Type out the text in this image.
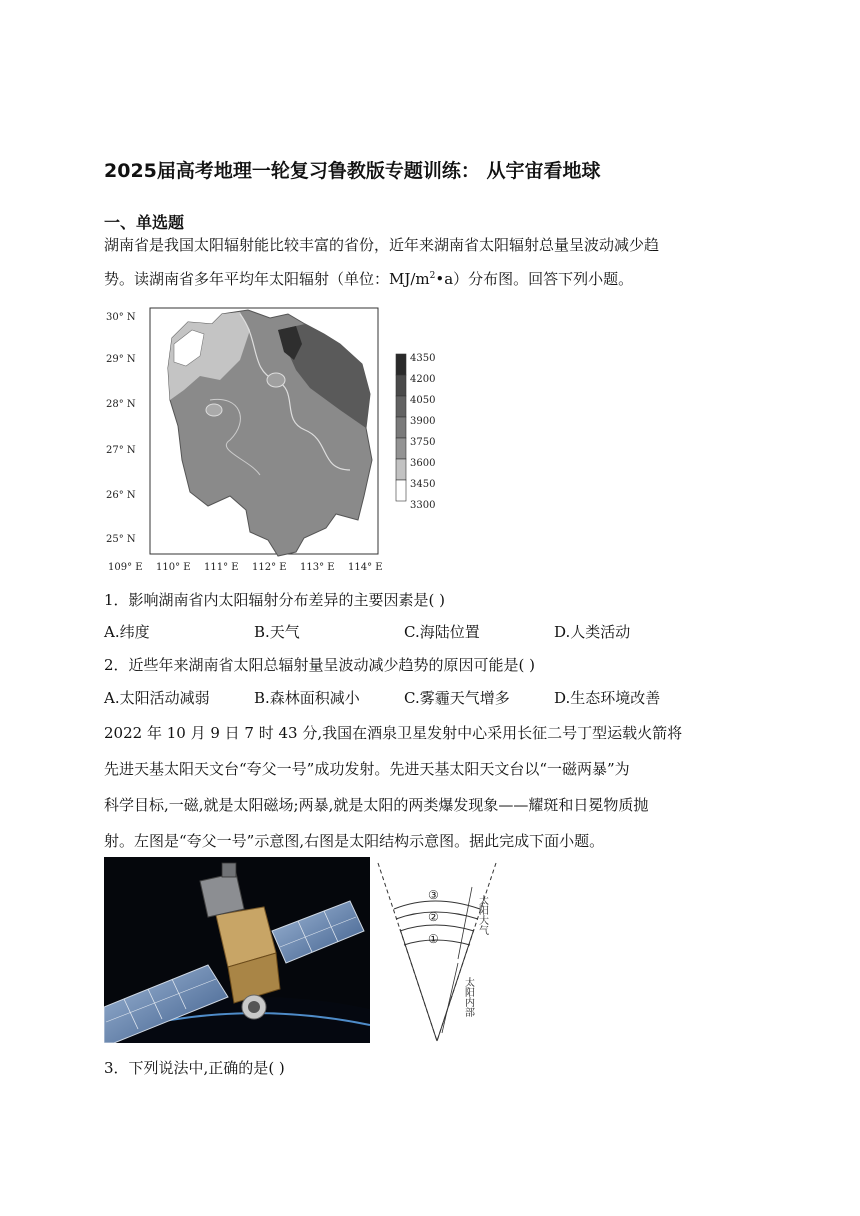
2025届高考地理一轮复习鲁教版专题训练： 从宇宙看地球
一、单选题
湖南省是我国太阳辐射能比较丰富的省份，近年来湖南省太阳辐射总量呈波动减少趋
势。读湖南省多年平均年太阳辐射（单位：$MJ/m^2•a$）分布图。回答下列小题。
30° N
29° N
28° N
27° N
26° N
25° N
109° E 110° E 111° E 112° E 113° E 114° E
4350
4200
4050
3900
3750
3600
3450
3300
1．影响湖南省内太阳辐射分布差异的主要因素是( )
A.纬度	B.天气	C.海陆位置	D.人类活动
2．近些年来湖南省太阳总辐射量呈波动减少趋势的原因可能是( )
A.太阳活动减弱	B.森林面积减小	C.雾霾天气增多	D.生态环境改善
2022 年 10 月 9 日 7 时 43 分,我国在酒泉卫星发射中心采用长征二号丁型运载火箭将
先进天基太阳天文台“夸父一号”成功发射。先进天基太阳天文台以“一磁两暴”为
科学目标,一磁,就是太阳磁场;两暴,就是太阳的两类爆发现象——耀斑和日冕物质抛
射。左图是“夸父一号”示意图,右图是太阳结构示意图。据此完成下面小题。
③
②
①
太阳大气
太阳内部
3．下列说法中,正确的是( )
